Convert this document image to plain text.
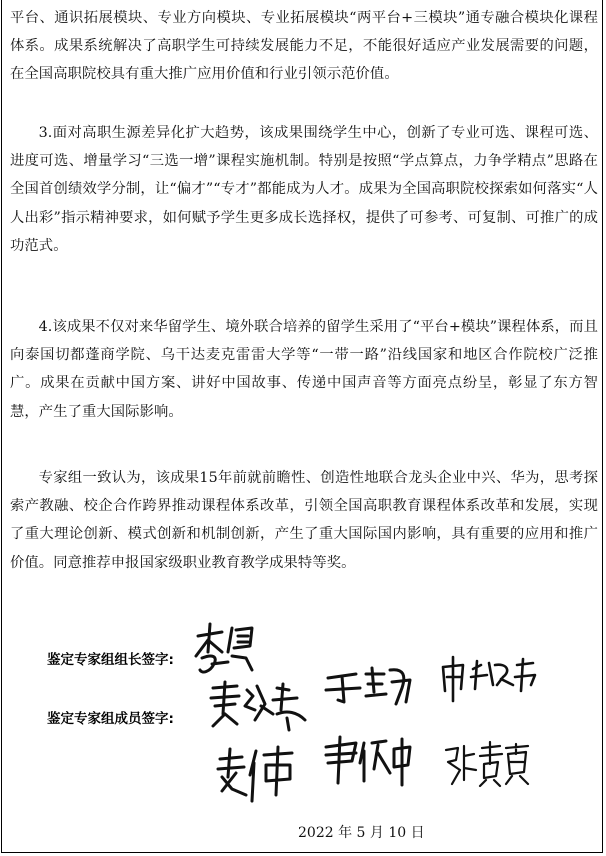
平台、通识拓展模块、专业方向模块、专业拓展模块“两平台+三模块”通专融合模块化课程体系。成果系统解决了高职学生可持续发展能力不足，不能很好适应产业发展需要的问题，在全国高职院校具有重大推广应用价值和行业引领示范价值。

3.面对高职生源差异化扩大趋势，该成果围绕学生中心，创新了专业可选、课程可选、进度可选、增量学习“三选一增”课程实施机制。特别是按照“学点算点，力争学精点”思路在全国首创绩效学分制，让“偏才”“专才”都能成为人才。成果为全国高职院校探索如何落实“人人出彩”指示精神要求，如何赋予学生更多成长选择权，提供了可参考、可复制、可推广的成功范式。

4.该成果不仅对来华留学生、境外联合培养的留学生采用了“平台+模块”课程体系，而且向泰国切都蓬商学院、乌干达麦克雷雷大学等“一带一路”沿线国家和地区合作院校广泛推广。成果在贡献中国方案、讲好中国故事、传递中国声音等方面亮点纷呈，彰显了东方智慧，产生了重大国际影响。

专家组一致认为，该成果15年前就前瞻性、创造性地联合龙头企业中兴、华为，思考探索产教融、校企合作跨界推动课程体系改革，引领全国高职教育课程体系改革和发展，实现了重大理论创新、模式创新和机制创新，产生了重大国际国内影响，具有重要的应用和推广价值。同意推荐申报国家级职业教育教学成果特等奖。

鉴定专家组组长签字:
鉴定专家组成员签字:
2022 年 5 月 10 日
